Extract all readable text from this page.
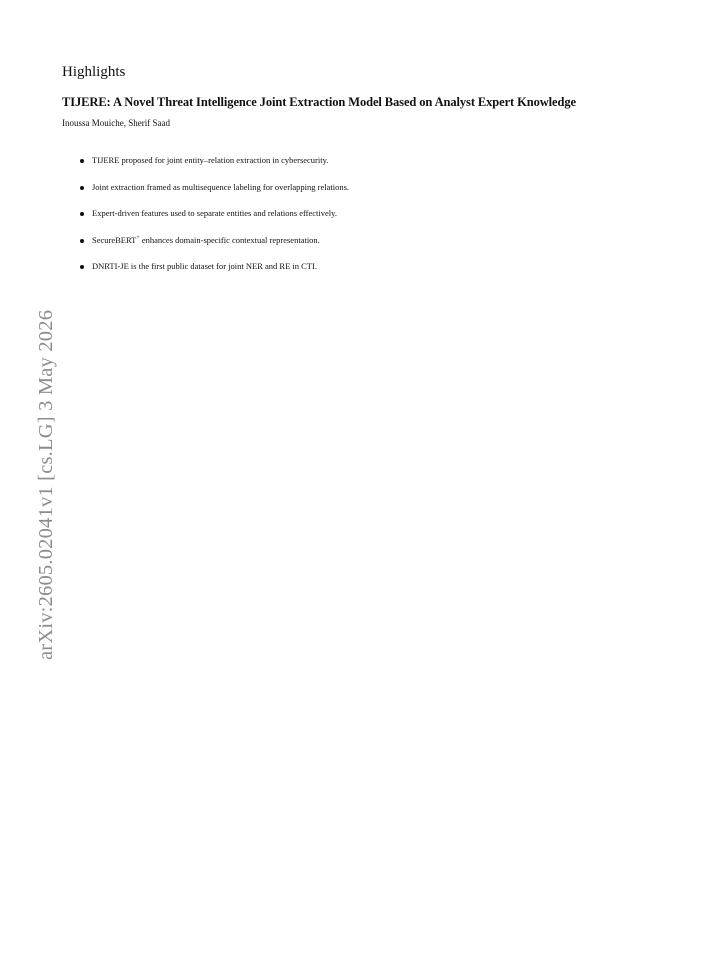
Highlights
TIJERE: A Novel Threat Intelligence Joint Extraction Model Based on Analyst Expert Knowledge
Inoussa Mouiche, Sherif Saad
TIJERE proposed for joint entity–relation extraction in cybersecurity.
Joint extraction framed as multisequence labeling for overlapping relations.
Expert-driven features used to separate entities and relations effectively.
SecureBERT+ enhances domain-specific contextual representation.
DNRTI-JE is the first public dataset for joint NER and RE in CTI.
arXiv:2605.02041v1 [cs.LG] 3 May 2026
